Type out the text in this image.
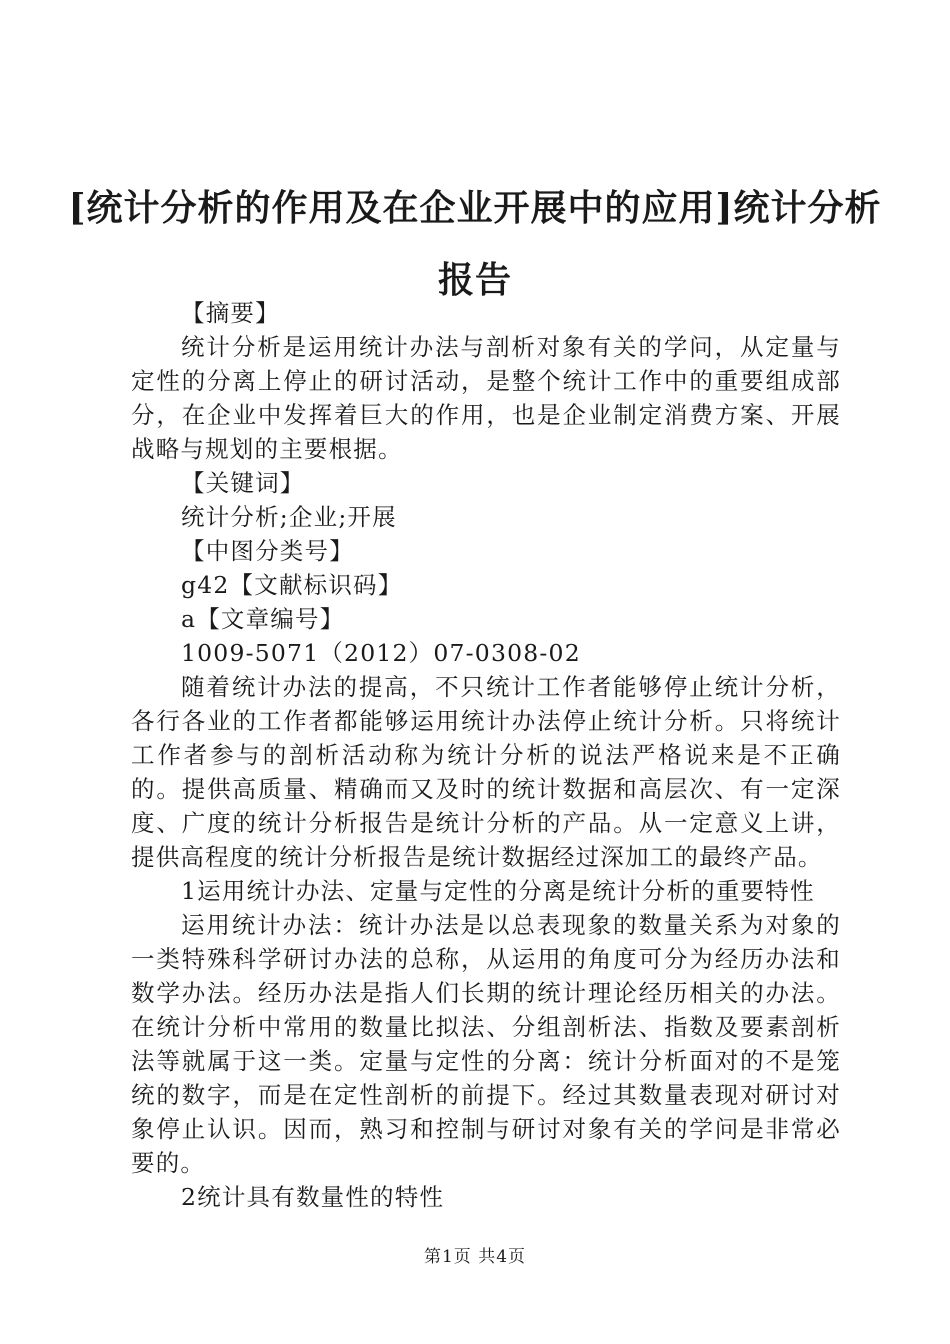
[统计分析的作用及在企业开展中的应用]统计分析报告

【摘要】

统计分析是运用统计办法与剖析对象有关的学问，从定量与定性的分离上停止的研讨活动，是整个统计工作中的重要组成部分，在企业中发挥着巨大的作用，也是企业制定消费方案、开展战略与规划的主要根据。

【关键词】

统计分析;企业;开展

【中图分类号】

g42【文献标识码】

a【文章编号】

1009-5071（2012）07-0308-02

随着统计办法的提高，不只统计工作者能够停止统计分析，各行各业的工作者都能够运用统计办法停止统计分析。只将统计工作者参与的剖析活动称为统计分析的说法严格说来是不正确的。提供高质量、精确而又及时的统计数据和高层次、有一定深度、广度的统计分析报告是统计分析的产品。从一定意义上讲，提供高程度的统计分析报告是统计数据经过深加工的最终产品。

1运用统计办法、定量与定性的分离是统计分析的重要特性

运用统计办法：统计办法是以总表现象的数量关系为对象的一类特殊科学研讨办法的总称，从运用的角度可分为经历办法和数学办法。经历办法是指人们长期的统计理论经历相关的办法。在统计分析中常用的数量比拟法、分组剖析法、指数及要素剖析法等就属于这一类。定量与定性的分离：统计分析面对的不是笼统的数字，而是在定性剖析的前提下。经过其数量表现对研讨对象停止认识。因而，熟习和控制与研讨对象有关的学问是非常必要的。

2统计具有数量性的特性

第1页 共4页
